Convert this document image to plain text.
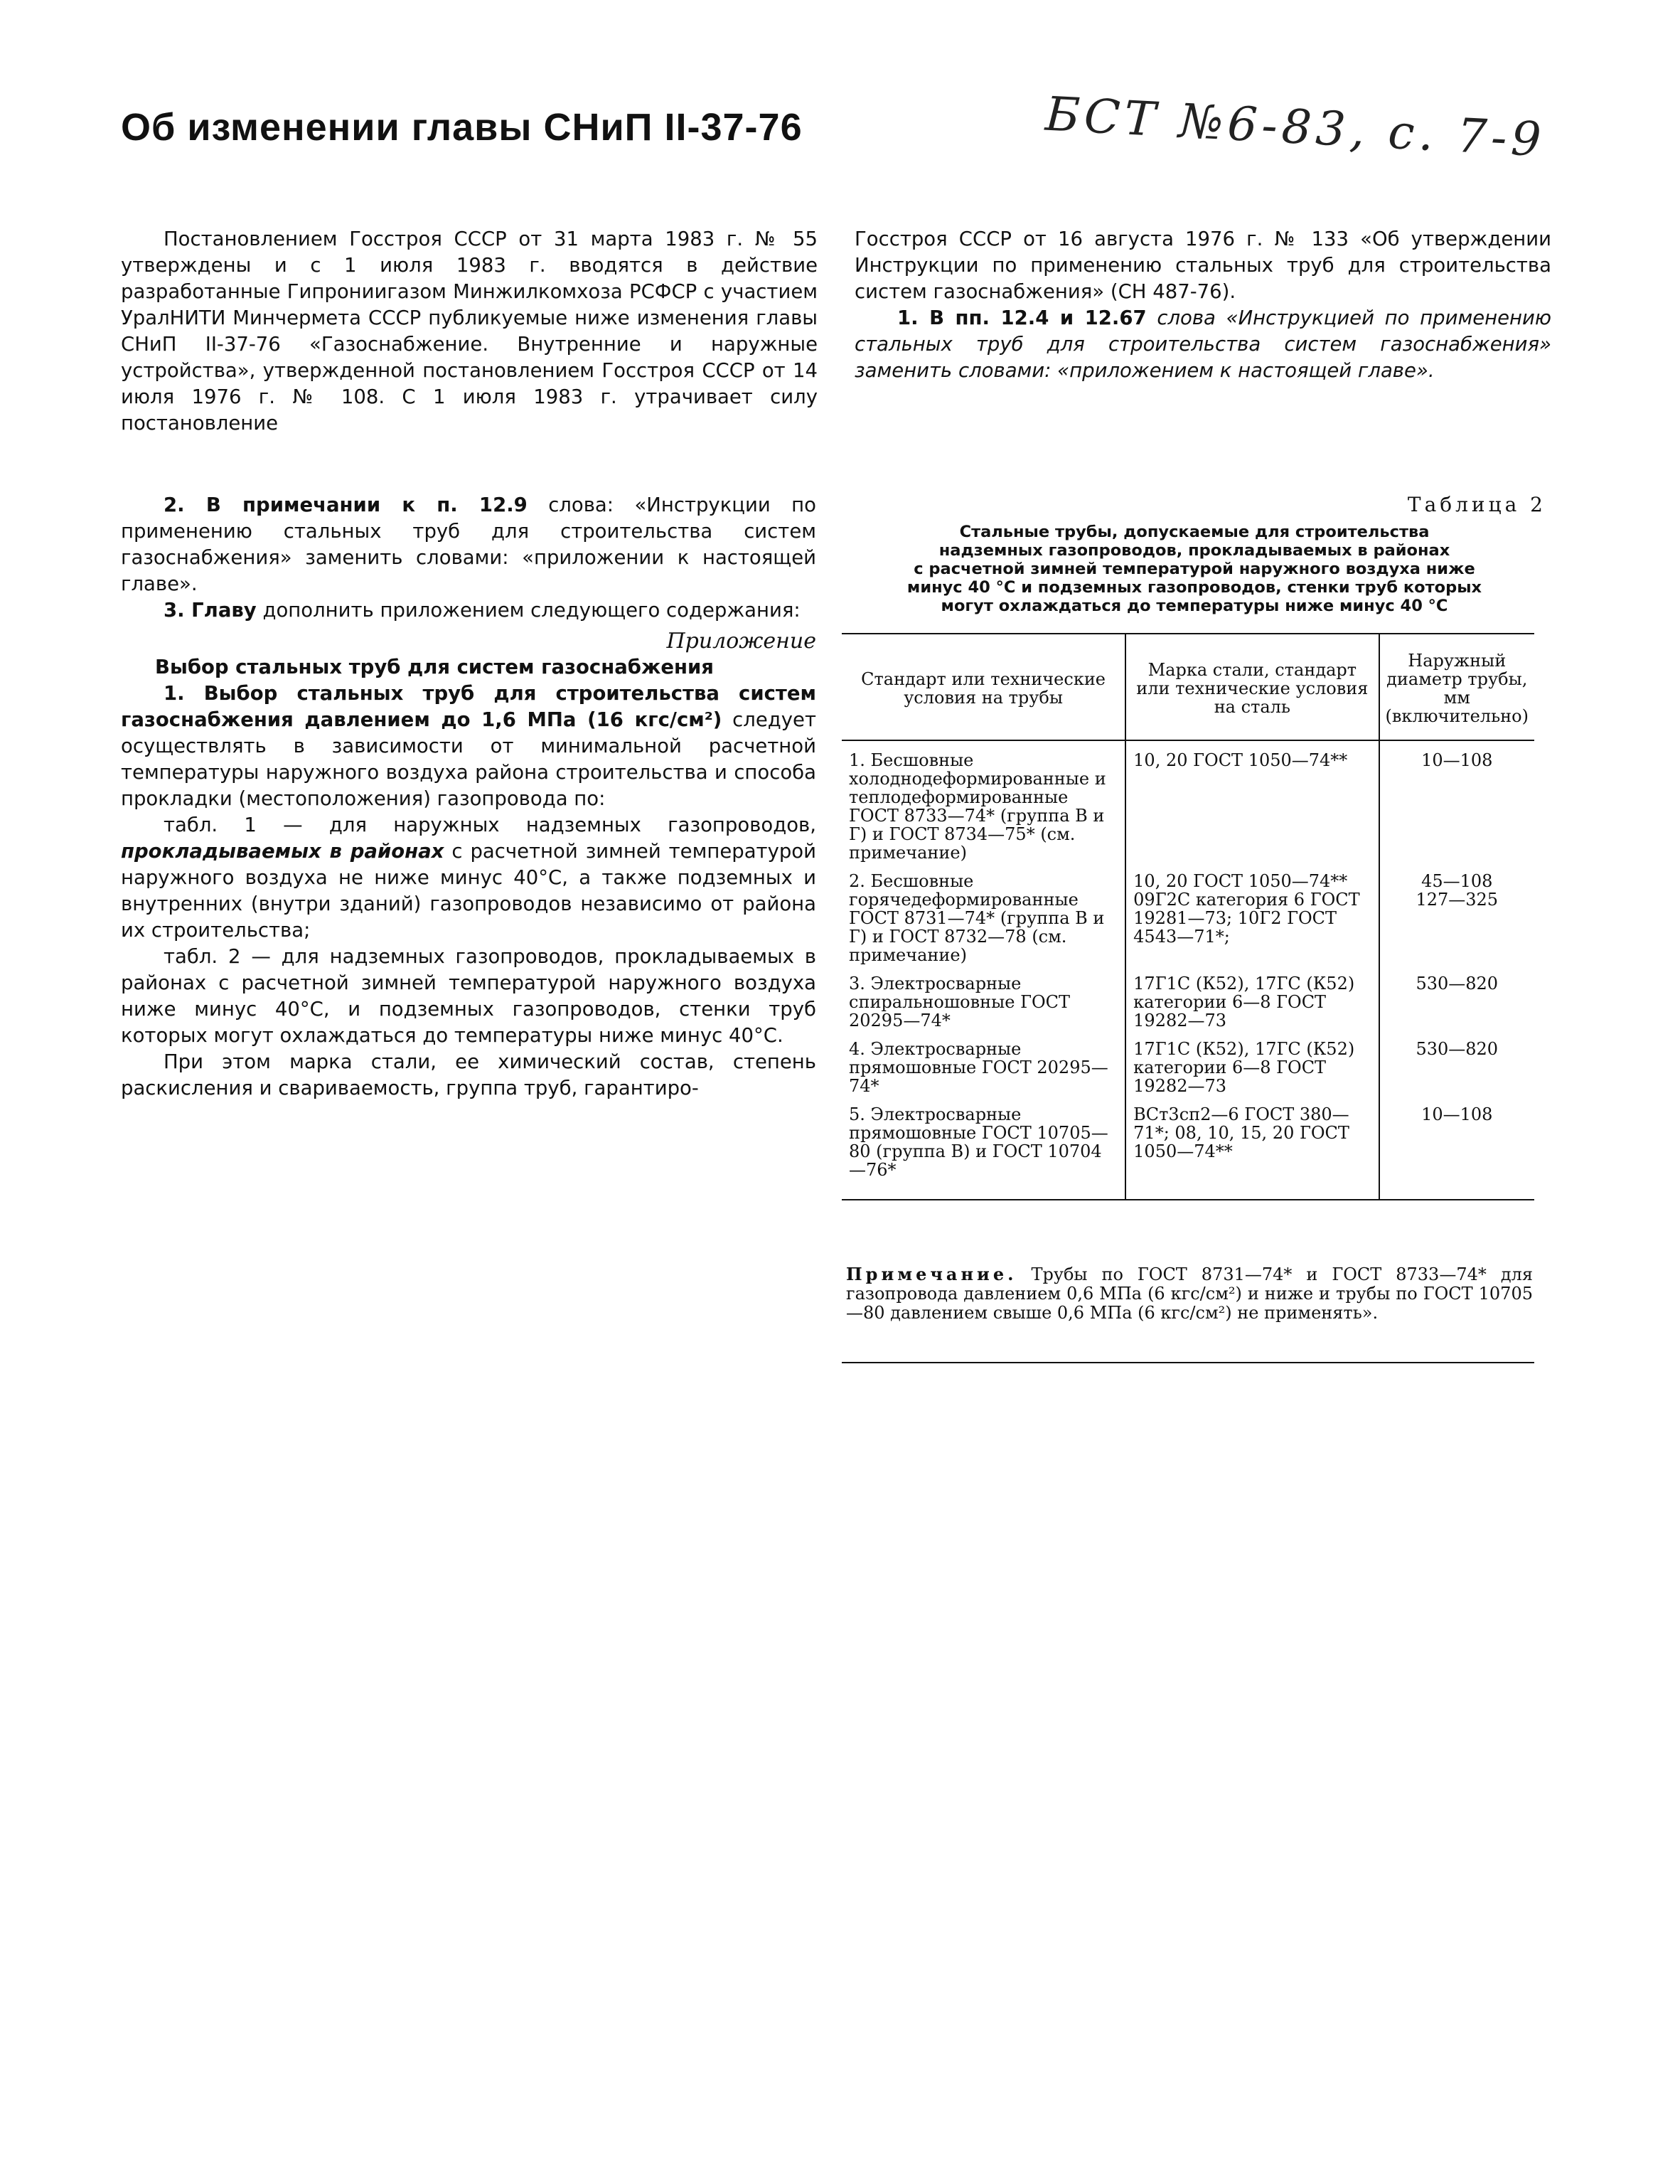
Об изменении главы СНиП II-37-76	БСТ №6-83, с. 7-9

Постановлением Госстроя СССР от 31 марта 1983 г. № 55 утверждены и с 1 июля 1983 г. вводятся в действие разработанные Гипрониигазом Минжилкомхоза РСФСР с участием УралНИТИ Минчермета СССР публикуемые ниже изменения главы СНиП II-37-76 «Газоснабжение. Внутренние и наружные устройства», утвержденной постановлением Госстроя СССР от 14 июля 1976 г. № 108. С 1 июля 1983 г. утрачивает силу постановление

Госстроя СССР от 16 августа 1976 г. № 133 «Об утверждении Инструкции по применению стальных труб для строительства систем газоснабжения» (СН 487-76).

1. В пп. 12.4 и 12.67 слова «Инструкцией по применению стальных труб для строительства систем газоснабжения» заменить словами: «приложением к настоящей главе».

2. В примечании к п. 12.9 слова: «Инструкции по применению стальных труб для строительства систем газоснабжения» заменить словами: «приложении к настоящей главе».

3. Главу дополнить приложением следующего содержания:

Приложение

Выбор стальных труб для систем газоснабжения

1. Выбор стальных труб для строительства систем газоснабжения давлением до 1,6 МПа (16 кгс/см²) следует осуществлять в зависимости от минимальной расчетной температуры наружного воздуха района строительства и способа прокладки (местоположения) газопровода по:

табл. 1 — для наружных надземных газопроводов, прокладываемых в районах с расчетной зимней температурой наружного воздуха не ниже минус 40°С, а также подземных и внутренних (внутри зданий) газопроводов независимо от района их строительства;

табл. 2 — для надземных газопроводов, прокладываемых в районах с расчетной зимней температурой наружного воздуха ниже минус 40°С, и подземных газопроводов, стенки труб которых могут охлаждаться до температуры ниже минус 40°С.

При этом марка стали, ее химический состав, степень раскисления и свариваемость, группа труб, гарантиро-

Таблица 2
Стальные трубы, допускаемые для строительства
надземных газопроводов, прокладываемых в районах
с расчетной зимней температурой наружного воздуха ниже
минус 40 °С и подземных газопроводов, стенки труб которых
могут охлаждаться до температуры ниже минус 40 °С
Стандарт или технические условия на трубы	Марка стали, стандарт или технические условия на сталь	Наружный диаметр трубы, мм (включительно)
1. Бесшовные холоднодеформированные и теплодеформированные ГОСТ 8733—74* (группа В и Г) и ГОСТ 8734—75* (см. примечание)	10, 20 ГОСТ 1050—74**	10—108
2. Бесшовные горячедеформированные ГОСТ 8731—74* (группа В и Г) и ГОСТ 8732—78 (см. примечание)	10, 20 ГОСТ 1050—74** 09Г2С категория 6 ГОСТ 19281—73; 10Г2 ГОСТ 4543—71*;	45—108
127—325
3. Электросварные спиральношовные ГОСТ 20295—74*	17Г1С (К52), 17ГС (К52) категории 6—8 ГОСТ 19282—73	530—820
4. Электросварные прямошовные ГОСТ 20295—74*	17Г1С (К52), 17ГС (К52) категории 6—8 ГОСТ 19282—73	530—820
5. Электросварные прямошовные ГОСТ 10705—80 (группа В) и ГОСТ 10704—76*	ВСт3сп2—6 ГОСТ 380—71*; 08, 10, 15, 20 ГОСТ 1050—74**	10—108
Примечание. Трубы по ГОСТ 8731—74* и ГОСТ 8733—74* для газопровода давлением 0,6 МПа (6 кгс/см²) и ниже и трубы по ГОСТ 10705—80 давлением свыше 0,6 МПа (6 кгс/см²) не применять».
